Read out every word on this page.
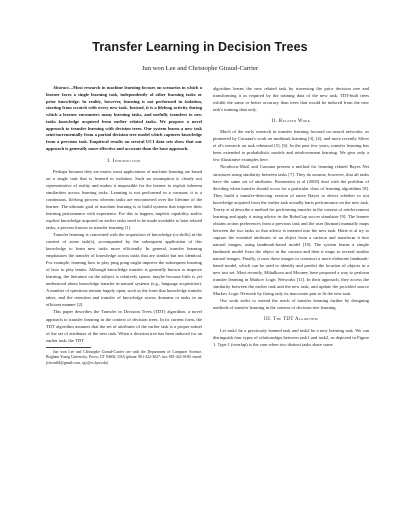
Transfer Learning in Decision Trees
Jun won Lee and Christophe Giraud-Carrier

Abstract—Most research in machine learning focuses on scenarios in which a learner faces a single learning task, independently of other learning tasks or prior knowledge. In reality, however, learning is not performed in isolation, starting from scratch with every new task. Instead, it is a lifelong activity during which a learner encounters many learning tasks, and usefully transfers to new tasks knowledge acquired from earlier related tasks. We propose a novel approach to transfer learning with decision trees. Our system learns a new task semi-incrementally from a partial decision tree model which captures knowledge from a previous task. Empirical results on several UCI data sets show that our approach is generally more effective and accurate than the base approach.

I. Introduction

Perhaps because they are easier, most applications of machine learning are based on a single task that is learned in isolation. Such an assumption is clearly not representative of reality and makes it impossible for the learner to exploit inherent similarities across learning tasks. Learning is not performed in a vacuum; it is a continuous, lifelong process wherein tasks are encountered over the lifetime of the learner. The ultimate goal of machine learning is to build systems that improve their learning performance with experience. For this to happen, implicit capability and/or explicit knowledge acquired on earlier tasks need to be made available to later related tasks, a process known as transfer learning [1].

Transfer learning is concerned with the acquisition of knowledge (or skills) in the context of some task(s), accompanied by the subsequent application of this knowledge to learn new tasks more efficiently. In general, transfer learning emphasizes the transfer of knowledge across tasks that are similar but not identical. For example, learning how to play ping pong might improve the subsequent learning of how to play tennis. Although knowledge transfer is generally known to improve learning, the literature on the subject is relatively sparse, maybe because little is yet understood about knowledge transfer in natural systems (e.g., language acquisition). A number of questions remain largely open, such as the form that knowledge transfer takes, and the retention and transfer of knowledge across domains or tasks in an efficient manner [2].

This paper describes the Transfer in Decision Trees (TDT) algorithm, a novel approach to transfer learning in the context of decision trees. In its current form, the TDT algorithm assumes that the set of attributes of the earlier task is a proper subset of the set of attributes of the new task. When a decision tree has been induced for an earlier task, the TDT

Jun won Lee and Christophe Giraud-Carrier are with the Department of Computer Science, Brigham Young University, Provo, UT 84602, USA (phone: 801-422-3027; fax: 801-422-0169; email: jvlwon84@gmail.com, cgc@cs.byu.edu)

algorithm learns the new related task by traversing the prior decision tree and transforming it as required by the training data of the new task. TDT-built trees exhibit the same or better accuracy than trees that would be induced from the new task's training data only.

II. Related Work

Much of the early research in transfer learning focused on neural networks, as pioneered by Caruana's work on multitask learning [3], [4], and more recently Silver et al's research on task rehearsal [5], [6]. In the past few years, transfer learning has been extended to probabilistic models and reinforcement learning. We give only a few illustrative examples here.

Niculescu-Mizil and Caruana present a method for learning related Bayes Net structures using similarity between tasks [7]. They do assume, however, that all tasks have the same set of attributes. Rosenstein et al (2005) deal with the problem of deciding when transfer should occur for a particular class of learning algorithms [8]. They build a transfer-detecting version of naive Bayes to detect whether or not knowledge acquired from the earlier task actually hurts performance on the new task. Torrey et al describe a method for performing transfer in the context of reinforcement learning and apply it using advice in the RoboCup soccer simulator [9]. The learner obtains action preferences from a previous task and the user (human) manually maps between the two tasks so that advice is inserted into the new task. Hutte et al try to capture the essential attributes of an object from a cartoon and transform it into natural images, using landmark-based model [10]. The system learns a simple landmark model from the object in the cartoon and then it maps to several similar natural images. Finally, it uses these images to construct a more elaborate landmark-based model, which can be used to identify and predict the location of objects in a new test set. Most recently, Mihalkova and Mooney have proposed a way to perform transfer learning in Markov Logic Networks [11]. In their approach, they access the similarity between the earlier task and the new task, and update the provided source Markov Logic Network by fixing only its inaccurate part to fit the new task.

Our work seeks to extend the reach of transfer learning further by designing methods of transfer learning in the context of decision tree learning.

III. The TDT Algorithm

Let task1 be a previously learned task and task2 be a new learning task. We can distinguish four types of relationships between task1 and task2, as depicted in Figure 1. Type 1 (overlap) is the case when two distinct tasks share some
